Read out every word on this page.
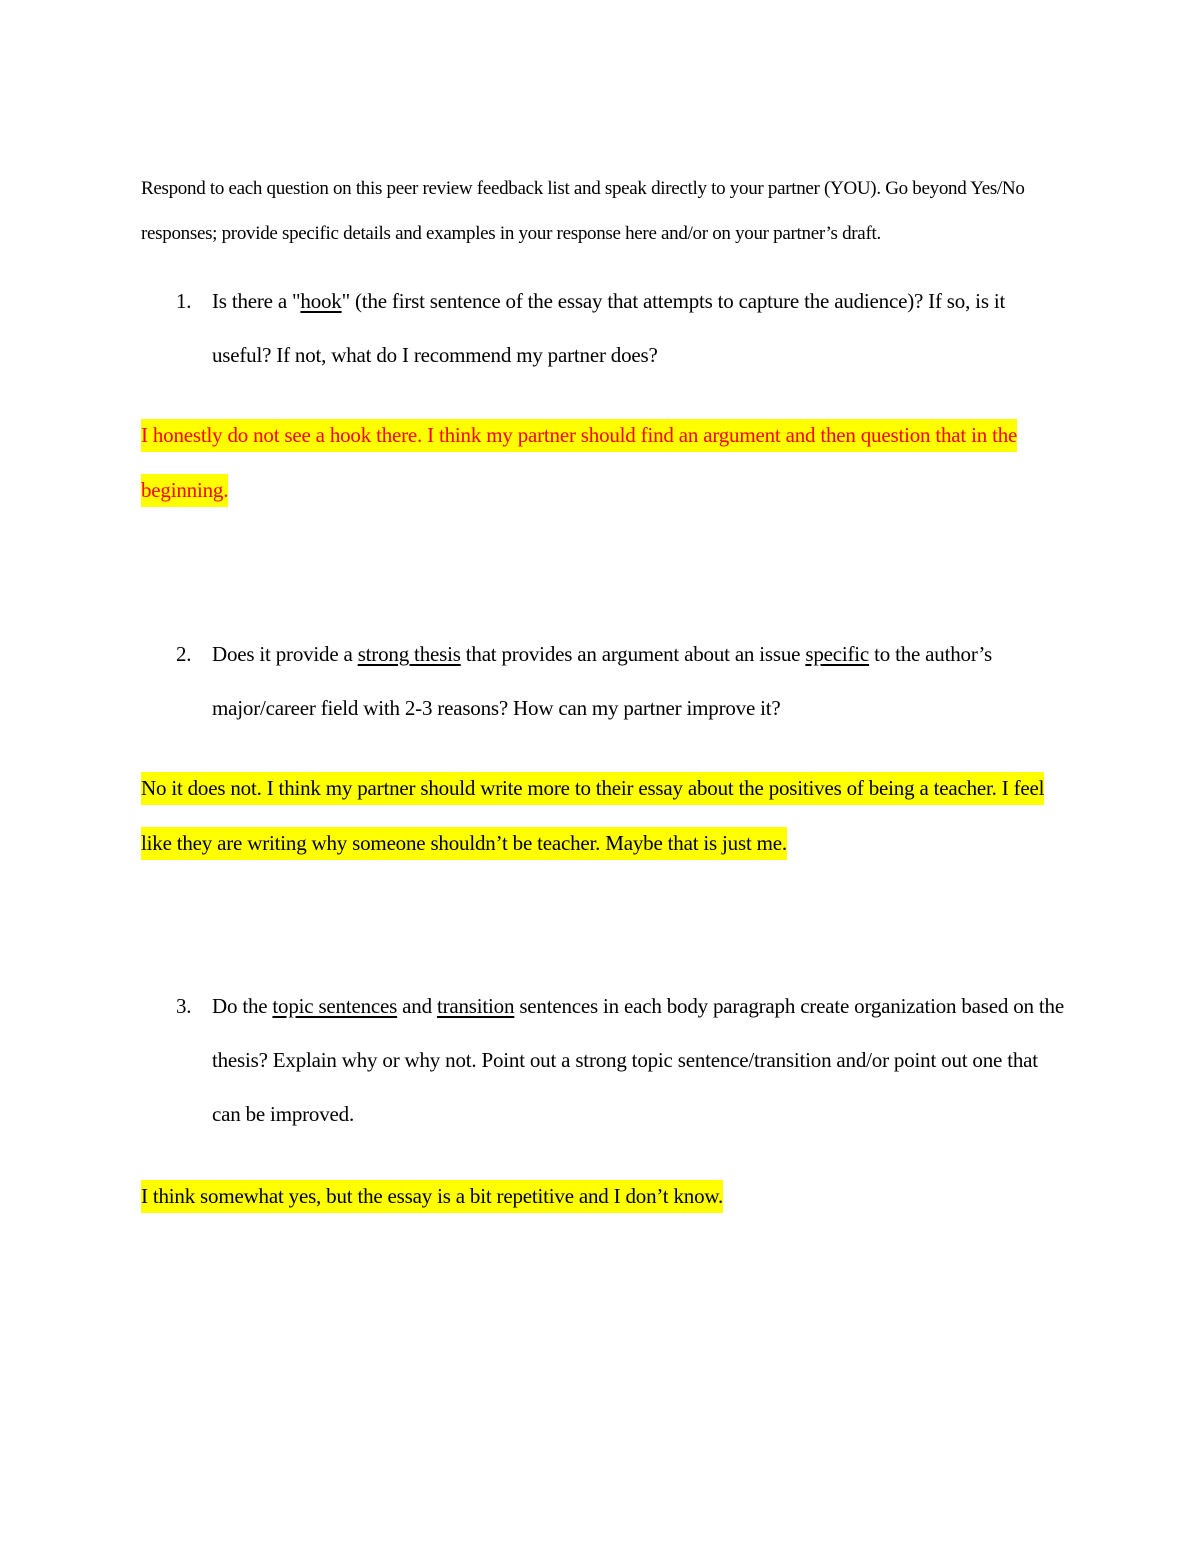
Respond to each question on this peer review feedback list and speak directly to your partner (YOU). Go beyond Yes/No responses; provide specific details and examples in your response here and/or on your partner’s draft.

1. Is there a "hook" (the first sentence of the essay that attempts to capture the audience)? If so, is it useful? If not, what do I recommend my partner does?
I honestly do not see a hook there. I think my partner should find an argument and then question that in the beginning.
2. Does it provide a strong thesis that provides an argument about an issue specific to the author’s major/career field with 2-3 reasons? How can my partner improve it?
No it does not. I think my partner should write more to their essay about the positives of being a teacher. I feel like they are writing why someone shouldn’t be teacher. Maybe that is just me.
3. Do the topic sentences and transition sentences in each body paragraph create organization based on the thesis? Explain why or why not. Point out a strong topic sentence/transition and/or point out one that can be improved.
I think somewhat yes, but the essay is a bit repetitive and I don’t know.
